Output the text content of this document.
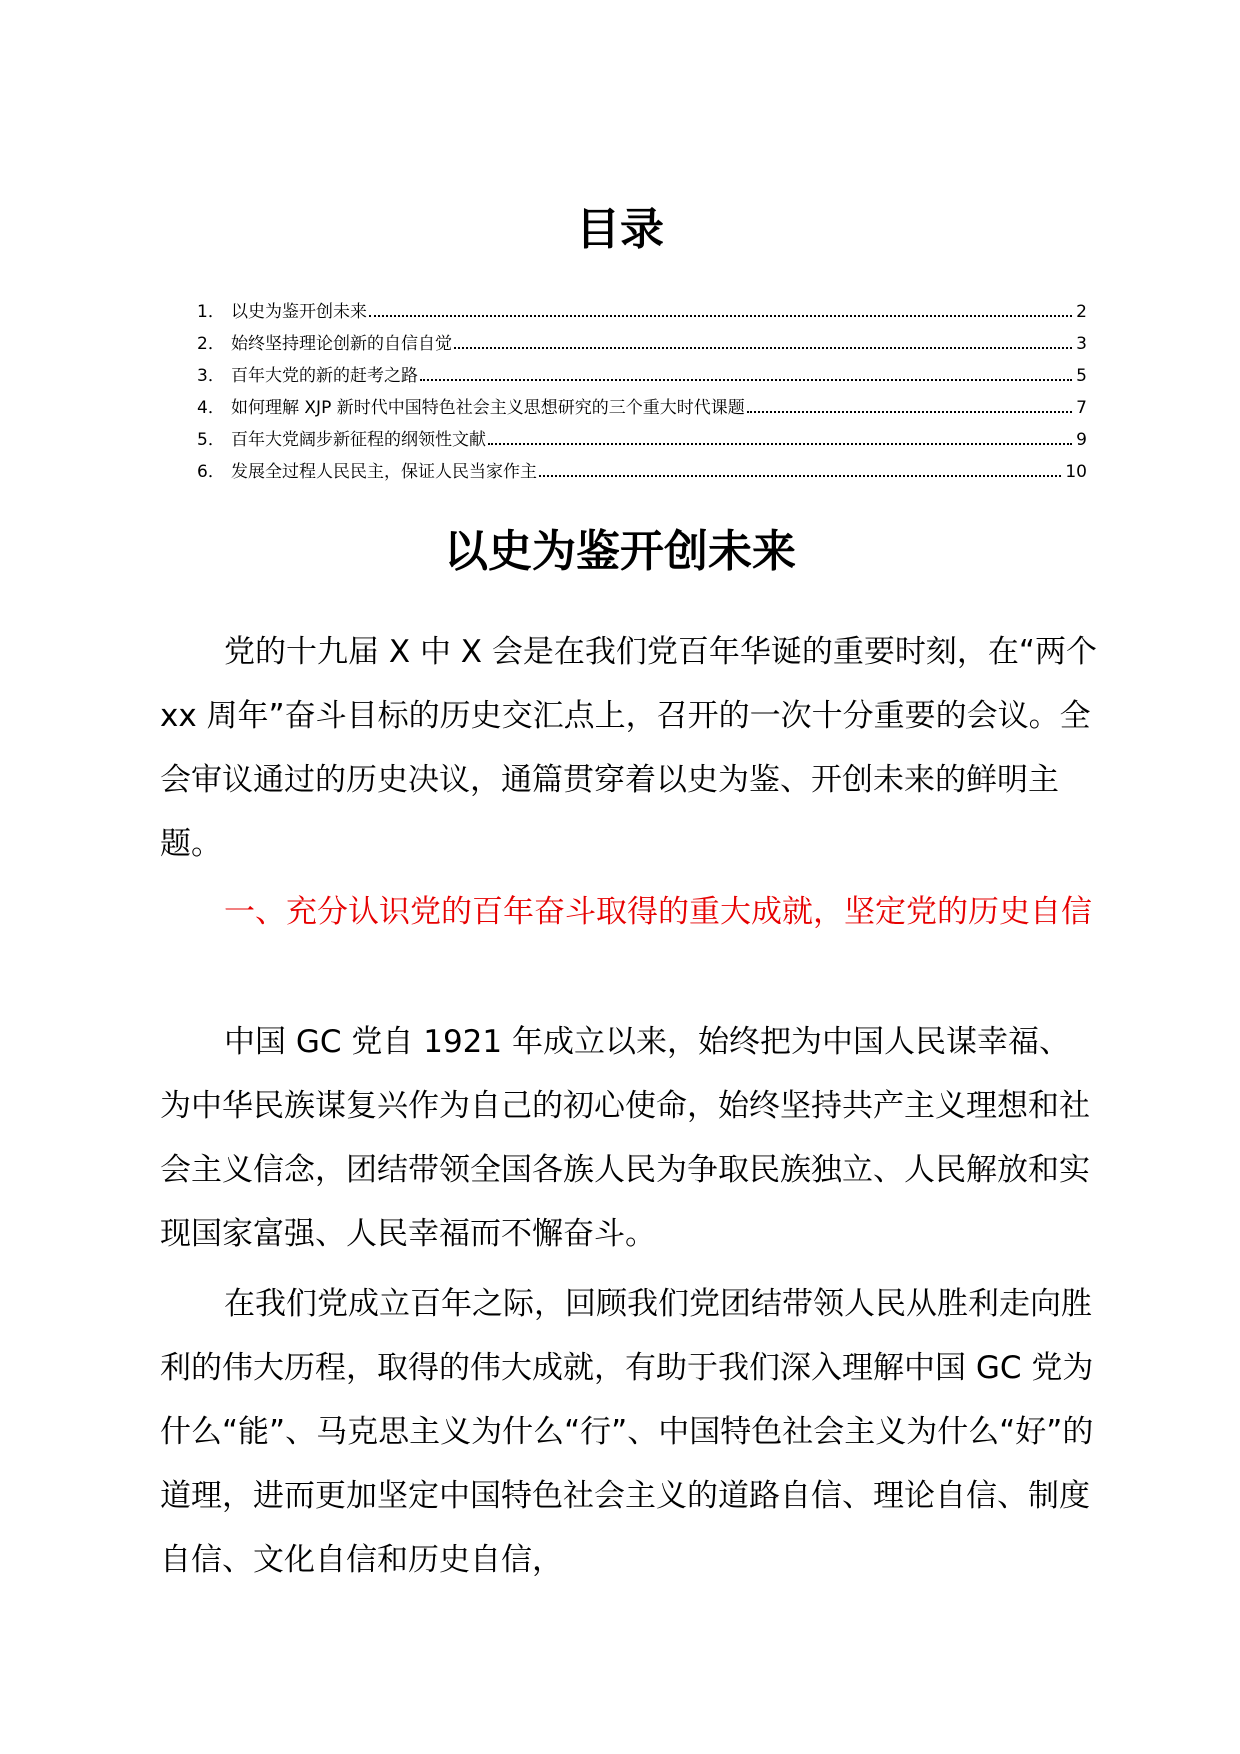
目录
1． 以史为鉴开创未来	2
2． 始终坚持理论创新的自信自觉	3
3． 百年大党的新的赶考之路	5
4． 如何理解 XJP 新时代中国特色社会主义思想研究的三个重大时代课题	7
5． 百年大党阔步新征程的纲领性文献	9
6． 发展全过程人民民主，保证人民当家作主	10
以史为鉴开创未来

党的十九届 X 中 X 会是在我们党百年华诞的重要时刻，在“两个 xx 周年”奋斗目标的历史交汇点上，召开的一次十分重要的会议。全会审议通过的历史决议，通篇贯穿着以史为鉴、开创未来的鲜明主题。

一、充分认识党的百年奋斗取得的重大成就，坚定党的历史自信

中国 GC 党自 1921 年成立以来，始终把为中国人民谋幸福、为中华民族谋复兴作为自己的初心使命，始终坚持共产主义理想和社会主义信念，团结带领全国各族人民为争取民族独立、人民解放和实现国家富强、人民幸福而不懈奋斗。

在我们党成立百年之际，回顾我们党团结带领人民从胜利走向胜利的伟大历程，取得的伟大成就，有助于我们深入理解中国 GC 党为什么“能”、马克思主义为什么“行”、中国特色社会主义为什么“好”的道理，进而更加坚定中国特色社会主义的道路自信、理论自信、制度自信、文化自信和历史自信，
